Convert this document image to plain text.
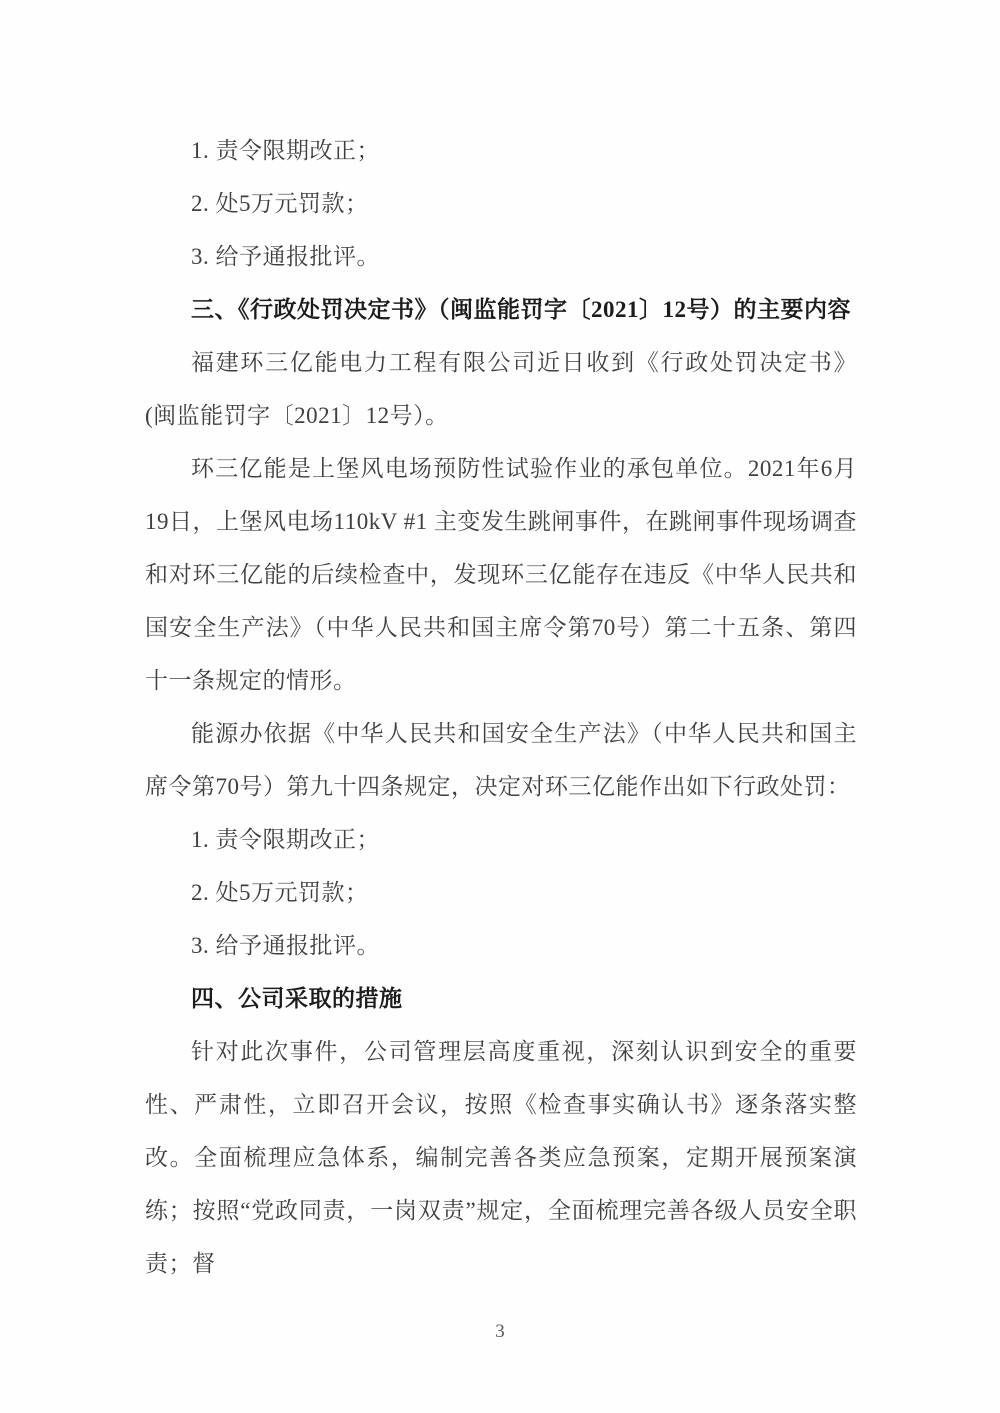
1. 责令限期改正；

2. 处5万元罚款；

3. 给予通报批评。

三、《行政处罚决定书》（闽监能罚字〔2021〕12号）的主要内容

福建环三亿能电力工程有限公司近日收到《行政处罚决定书》(闽监能罚字〔2021〕12号）。

环三亿能是上堡风电场预防性试验作业的承包单位。2021年6月19日，上堡风电场110kV #1 主变发生跳闸事件，在跳闸事件现场调查和对环三亿能的后续检查中，发现环三亿能存在违反《中华人民共和国安全生产法》（中华人民共和国主席令第70号）第二十五条、第四十一条规定的情形。

能源办依据《中华人民共和国安全生产法》（中华人民共和国主席令第70号）第九十四条规定，决定对环三亿能作出如下行政处罚：

1. 责令限期改正；

2. 处5万元罚款；

3. 给予通报批评。

四、公司采取的措施

针对此次事件，公司管理层高度重视，深刻认识到安全的重要性、严肃性，立即召开会议，按照《检查事实确认书》逐条落实整改。全面梳理应急体系，编制完善各类应急预案，定期开展预案演练；按照“党政同责，一岗双责”规定，全面梳理完善各级人员安全职责；督

3
